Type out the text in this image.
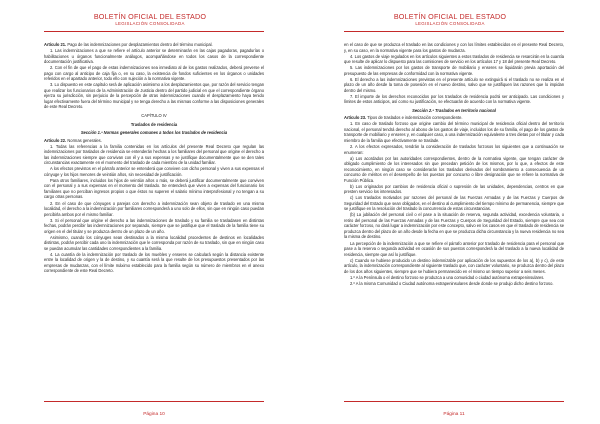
BOLETÍN OFICIAL DEL ESTADO
LEGISLACIÓN CONSOLIDADA

Artículo 21. Pago de las indemnizaciones por desplazamientos dentro del término municipal.

1. Las indemnizaciones a que se refiere el artículo anterior se determinarán en las cajas pagadoras, pagadurías o habilitaciones u órganos funcionalmente análogos, acompañándose en todos los casos de la correspondiente documentación justificativa.

2. Con el fin de que el pago de estas indemnizaciones sea inmediato al de los gastos realizados, deberá preverse el pago con cargo al anticipo de caja fija o, en su caso, la existencia de fondos suficientes en los órganos o unidades referidos en el apartado anterior, todo ello con sujeción a la normativa vigente.

3. Lo dispuesto en este capítulo será de aplicación asimismo a los desplazamientos que, por razón del servicio tengan que realizar los funcionarios de la Administración de Justicia dentro del partido judicial en que el correspondiente órgano ejerza su jurisdicción, sin perjuicio de la percepción de otras indemnizaciones cuando el desplazamiento haya tenido lugar efectivamente fuera del término municipal y se tenga derecho a las mismas conforme a las disposiciones generales de este Real Decreto.

CAPÍTULO IV
Traslados de residencia
Sección 1.ª Normas generales comunes a todos los traslados de residencia

Artículo 22. Normas generales.

1. Todas las referencias a la familia contenidas en los artículos del presente Real Decreto que regulan las indemnizaciones por traslados de residencia se entenderán hechas a los familiares del personal que origine el derecho a las indemnizaciones siempre que convivan con él y a sus expensas y se justifique documentalmente que se den tales circunstancias exactamente en el momento del traslado de cada miembro de la unidad familiar.

A los efectos previstos en el párrafo anterior se entenderá que conviven con dicho personal y viven a sus expensas el cónyuge y los hijos menores de veintiún años, sin necesidad de justificación.

Para otros familiares, incluidos los hijos de veintiún años o más, se deberá justificar documentalmente que conviven con el personal y a sus expensas en el momento del traslado. Se entenderá que viven a expensas del funcionario los familiares que no perciban ingresos propios o que éstos no superen el salario mínimo interprofesional y no tengan a su cargo otras personas.

2. En el caso de que cónyuges o parejas con derecho a indemnización sean objeto de traslado en una misma localidad, el derecho a la indemnización por familiares corresponderá a uno solo de ellos, sin que en ningún caso puedan percibirla ambos por el mismo familiar.

3. Si el personal que origine el derecho a las indemnizaciones de traslado y su familia se trasladasen en distintas fechas, podrán percibir las indemnizaciones por separado, siempre que se justifique que el traslado de la familia tiene su origen en el del titular y se produzca dentro de un plazo de un año.

Asimismo, cuando los cónyuges sean destinados a la misma localidad procedentes de destinos en localidades distintas, podrán percibir cada uno la indemnización que le corresponda por razón de su traslado, sin que en ningún caso se puedan acumular las cantidades correspondientes a la familia.

4. La cuantía de la indemnización por traslado de los muebles y enseres se calculará según la distancia existente entre la localidad de origen y la de destino, y su cuantía será la que resulte de los presupuestos presentados por las empresas de mudanzas, con el límite máximo establecido para la familia según su número de miembros en el anexo correspondiente de este Real Decreto.

Página 10
BOLETÍN OFICIAL DEL ESTADO
LEGISLACIÓN CONSOLIDADA

en el caso de que se produzca el traslado en las condiciones y con los límites establecidos en el presente Real Decreto, y, en su caso, en la normativa vigente para los gastos de mudanza.

4. Los gastos de viaje regulados en los artículos siguientes a estos traslados de residencia se resarcirán en la cuantía que resulte de aplicar lo dispuesto para las comisiones de servicio en los artículos 17 y 18 del presente Real Decreto.

5. Las indemnizaciones por los gastos de transporte de mobiliario y enseres se liquidarán previa aportación del presupuesto de las empresas de conformidad con la normativa vigente.

6. El derecho a las indemnizaciones previstas en el presente artículo se extinguirá si el traslado no se realiza en el plazo de un año desde la toma de posesión en el nuevo destino, salvo que se justifiquen las razones que lo impidan dentro del mismo.

7. El importe de los derechos reconocidos por los traslados de residencia podrá ser anticipado. Las condiciones y límites de estos anticipos, así como su justificación, se efectuarán de acuerdo con la normativa vigente.

Sección 2.ª Traslados en territorio nacional

Artículo 23. Tipos de traslados e indemnización correspondiente.

1. En caso de traslado forzoso que origine cambio del término municipal de residencia oficial dentro del territorio nacional, el personal tendrá derecho al abono de los gastos de viaje, incluidos los de su familia, el pago de los gastos de transporte de mobiliario y enseres y, en cualquier caso, a una indemnización equivalente a tres dietas por el titular y cada miembro de la familia que efectivamente se traslade.

2. A los efectos expresados, tendrán la consideración de traslados forzosos los siguientes que a continuación se enumeran:

a) Los acordados por las autoridades correspondientes, dentro de la normativa vigente, que tengan carácter de obligado cumplimiento de los interesados sin que precedan petición de los mismos, por lo que, a efectos de este reconocimiento, en ningún caso se considerarán los traslados derivados del nombramiento a consecuencia de un concurso de méritos en el desempeño de los puestos por concurso o libre designación que se refiere la normativa de Función Pública.

b) Los originados por cambios de residencia oficial o supresión de las unidades, dependencias, centros en que presten servicio los interesados.

c) Los traslados motivados por razones del personal de las Fuerzas Armadas y de las Fuerzas y Cuerpos de Seguridad del Estado que sean obligados, en el destino al cumplimiento del tiempo mínimo de permanencia, siempre que se justifique en la resolución del traslado la concurrencia de estas circunstancias.

(b) La jubilación del personal civil o el pase a la situación de reserva, segunda actividad, excedencia voluntaria, o retiro del personal de las Fuerzas Armadas y de las Fuerzas y Cuerpos de Seguridad del Estado, siempre que sea con carácter forzoso, no dará lugar a indemnización por este concepto, salvo en los casos en que el traslado de residencia se produzca dentro del plazo de un año desde la fecha en que se produzca dicha circunstancia y la nueva residencia no sea la misma de destino.

La percepción de la indemnización a que se refiere el párrafo anterior por traslado de residencia para el personal que pase a la reserva o segunda actividad en ocasión de sus puestos corresponderá la del traslado a la nueva localidad de residencia, siempre que así lo justifique.

c) Cuando se hubiese producido un destino indemnizable por aplicación de los supuestos de los a), b) y c), de este artículo, la indemnización correspondiente al siguiente traslado que, con carácter voluntario, se produzca dentro del plazo de los dos años siguientes, siempre que se hubiera permanecido en el mismo un tiempo superior a seis meses.

1.º A la Península o el destino forzoso se produzca a una comunidad o ciudad autónoma extrapeninsulares.

2.º A la misma Comunidad o Ciudad autónoma extrapeninsulares desde donde se produjo dicho destino forzoso.

Página 11
